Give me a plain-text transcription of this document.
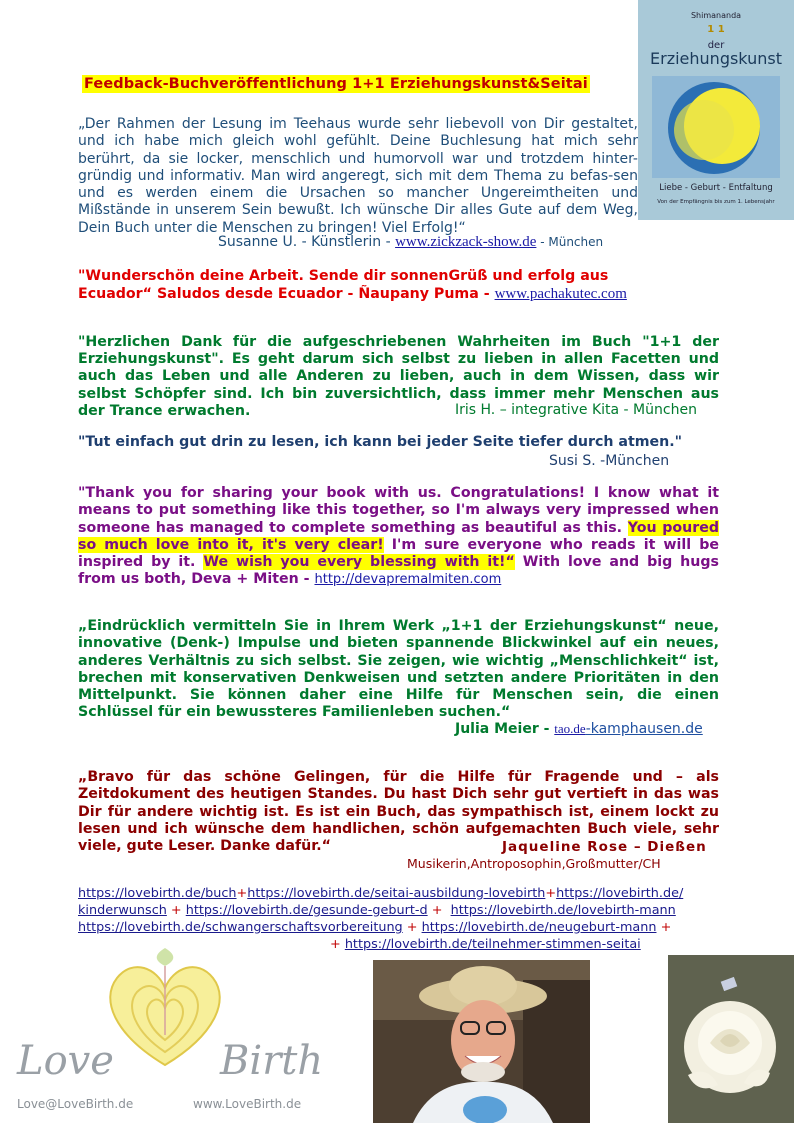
Shimananda
1 1
der
Erziehungskunst
Liebe - Geburt - Entfaltung
Von der Empfängnis bis zum 1. Lebensjahr
Feedback-Buchveröffentlichung 1+1 Erziehungskunst&Seitai
„Der Rahmen der Lesung im Teehaus wurde sehr liebevoll von Dir gestaltet, und ich habe mich gleich wohl gefühlt. Deine Buchlesung hat mich sehr berührt, da sie locker, menschlich und humorvoll war und trotzdem hinter-gründig und informativ. Man wird angeregt, sich mit dem Thema zu befas-sen und es werden einem die Ursachen so mancher Ungereimtheiten und Mißstände in unserem Sein bewußt. Ich wünsche Dir alles Gute auf dem Weg, Dein Buch unter die Menschen zu bringen! Viel Erfolg!“
Susanne U. - Künstlerin - www.zickzack-show.de - München
"Wunderschön deine Arbeit. Sende dir sonnenGrüß und erfolg aus
Ecuador“ Saludos desde Ecuador - Ñaupany Puma - www.pachakutec.com
"Herzlichen Dank für die aufgeschriebenen Wahrheiten im Buch "1+1 der Erziehungskunst". Es geht darum sich selbst zu lieben in allen Facetten und auch das Leben und alle Anderen zu lieben, auch in dem Wissen, dass wir selbst Schöpfer sind. Ich bin zuversichtlich, dass immer mehr Menschen aus der Trance erwachen.	Iris H. – integrative Kita - München
"Tut einfach gut drin zu lesen, ich kann bei jeder Seite tiefer durch atmen."
Susi S. -München
"Thank you for sharing your book with us. Congratulations! I know what it means to put something like this together, so I'm always very impressed when someone has managed to complete something as beautiful as this. You poured so much love into it, it's very clear! I'm sure everyone who reads it will be inspired by it. We wish you every blessing with it!“ With love and big hugs from us both, Deva + Miten - http://devapremalmiten.com
„Eindrücklich vermitteln Sie in Ihrem Werk „1+1 der Erziehungskunst“ neue, innovative (Denk-) Impulse und bieten spannende Blickwinkel auf ein neues, anderes Verhältnis zu sich selbst. Sie zeigen, wie wichtig „Menschlichkeit“ ist, brechen mit konservativen Denkweisen und setzten andere Prioritäten in den Mittelpunkt. Sie können daher eine Hilfe für Menschen sein, die einen Schlüssel für ein bewussteres Familienleben suchen.“
Julia Meier - tao.de-kamphausen.de
„Bravo für das schöne Gelingen, für die Hilfe für Fragende und – als Zeitdokument des heutigen Standes. Du hast Dich sehr gut vertieft in das was Dir für andere wichtig ist. Es ist ein Buch, das sympathisch ist, einem lockt zu lesen und ich wünsche dem handlichen, schön aufgemachten Buch viele, sehr viele, gute Leser. Danke dafür.“	Jaqueline Rose – Dießen
Musikerin,Antroposophin,Großmutter/CH
https://lovebirth.de/buch+https://lovebirth.de/seitai-ausbildung-lovebirth+https://lovebirth.de/
kinderwunsch + https://lovebirth.de/gesunde-geburt-d + https://lovebirth.de/lovebirth-mann
https://lovebirth.de/schwangerschaftsvorbereitung + https://lovebirth.de/neugeburt-mann +
+ https://lovebirth.de/teilnehmer-stimmen-seitai
Love	Birth
Love@LoveBirth.de	www.LoveBirth.de
